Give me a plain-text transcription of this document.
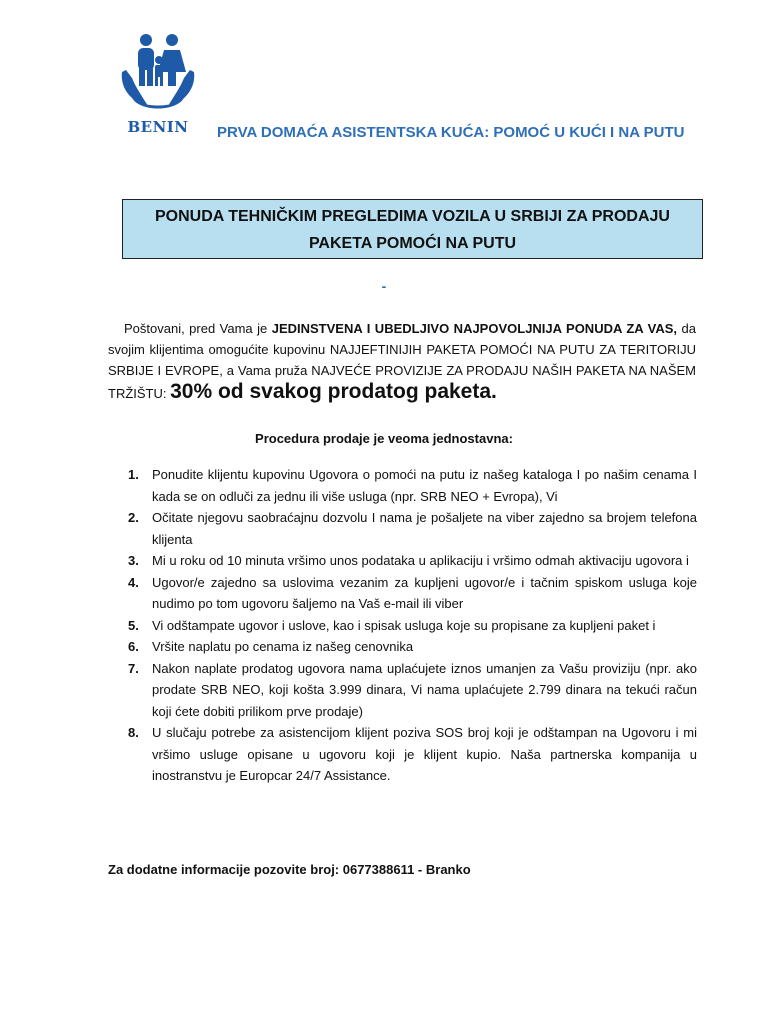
BENIN	PRVA DOMAĆA ASISTENTSKA KUĆA: POMOĆ U KUĆI I NA PUTU
PONUDA TEHNIČKIM PREGLEDIMA VOZILA U SRBIJI ZA PRODAJU
PAKETA POMOĆI NA PUTU
-
Poštovani, pred Vama je JEDINSTVENA I UBEDLJIVO NAJPOVOLJNIJA PONUDA ZA VAS, da svojim klijentima omogućite kupovinu NAJJEFTINIJIH PAKETA POMOĆI NA PUTU ZA TERITORIJU SRBIJE I EVROPE, a Vama pruža NAJVEĆE PROVIZIJE ZA PRODAJU NAŠIH PAKETA NA NAŠEM TRŽIŠTU: 30% od svakog prodatog paketa.
Procedura prodaje je veoma jednostavna:
1. Ponudite klijentu kupovinu Ugovora o pomoći na putu iz našeg kataloga I po našim cenama I kada se on odluči za jednu ili više usluga (npr. SRB NEO + Evropa), Vi
2. Očitate njegovu saobraćajnu dozvolu I nama je pošaljete na viber zajedno sa brojem telefona klijenta
3. Mi u roku od 10 minuta vršimo unos podataka u aplikaciju i vršimo odmah aktivaciju ugovora i
4. Ugovor/e zajedno sa uslovima vezanim za kupljeni ugovor/e i tačnim spiskom usluga koje nudimo po tom ugovoru šaljemo na Vaš e-mail ili viber
5. Vi odštampate ugovor i uslove, kao i spisak usluga koje su propisane za kupljeni paket i
6. Vršite naplatu po cenama iz našeg cenovnika
7. Nakon naplate prodatog ugovora nama uplaćujete iznos umanjen za Vašu proviziju (npr. ako prodate SRB NEO, koji košta 3.999 dinara, Vi nama uplaćujete 2.799 dinara na tekući račun koji ćete dobiti prilikom prve prodaje)
8. U slučaju potrebe za asistencijom klijent poziva SOS broj koji je odštampan na Ugovoru i mi vršimo usluge opisane u ugovoru koji je klijent kupio. Naša partnerska kompanija u inostranstvu je Europcar 24/7 Assistance.
Za dodatne informacije pozovite broj: 0677388611 - Branko
